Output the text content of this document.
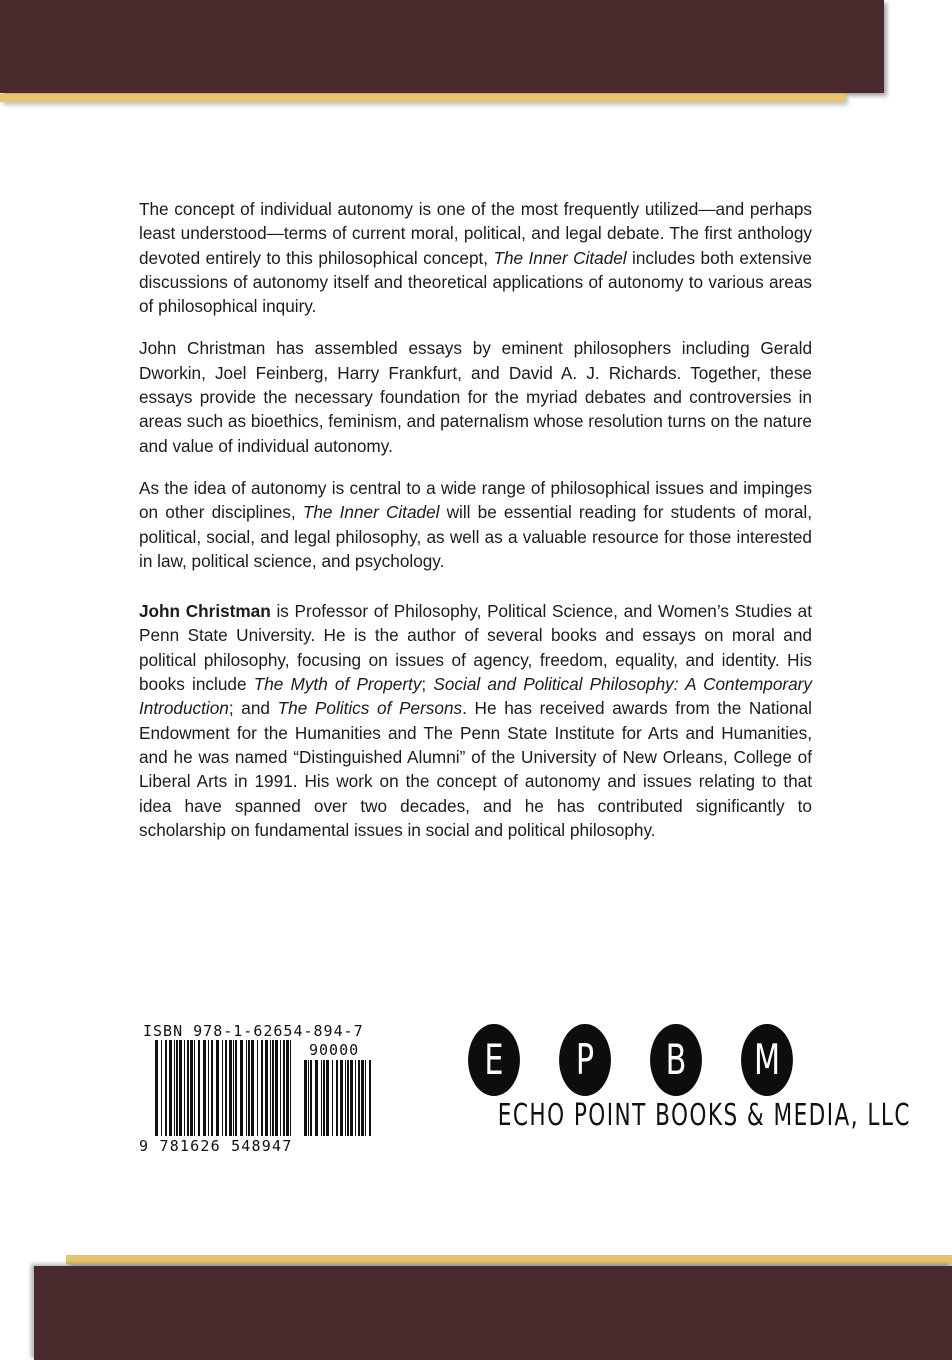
The concept of individual autonomy is one of the most frequently utilized—and perhaps least understood—terms of current moral, political, and legal debate. The first anthology devoted entirely to this philosophical concept, The Inner Citadel includes both extensive discussions of autonomy itself and theoretical applications of autonomy to various areas of philosophical inquiry.

John Christman has assembled essays by eminent philosophers including Gerald Dworkin, Joel Feinberg, Harry Frankfurt, and David A. J. Richards. Together, these essays provide the necessary foundation for the myriad debates and controversies in areas such as bioethics, feminism, and paternalism whose resolution turns on the nature and value of individual autonomy.

As the idea of autonomy is central to a wide range of philosophical issues and impinges on other disciplines, The Inner Citadel will be essential reading for students of moral, political, social, and legal philosophy, as well as a valuable resource for those interested in law, political science, and psychology.

John Christman is Professor of Philosophy, Political Science, and Women’s Studies at Penn State University. He is the author of several books and essays on moral and political philosophy, focusing on issues of agency, freedom, equality, and identity. His books include The Myth of Property; Social and Political Philosophy: A Contemporary Introduction; and The Politics of Persons. He has received awards from the National Endowment for the Humanities and The Penn State Institute for Arts and Humanities, and he was named “Distinguished Alumni” of the University of New Orleans, College of Liberal Arts in 1991. His work on the concept of autonomy and issues relating to that idea have spanned over two decades, and he has contributed significantly to scholarship on fundamental issues in social and political philosophy.

ISBN 978-1-62654-894-7
90000
9 781626 548947
E	P	B	M
ECHO POINT BOOKS & MEDIA, LLC
